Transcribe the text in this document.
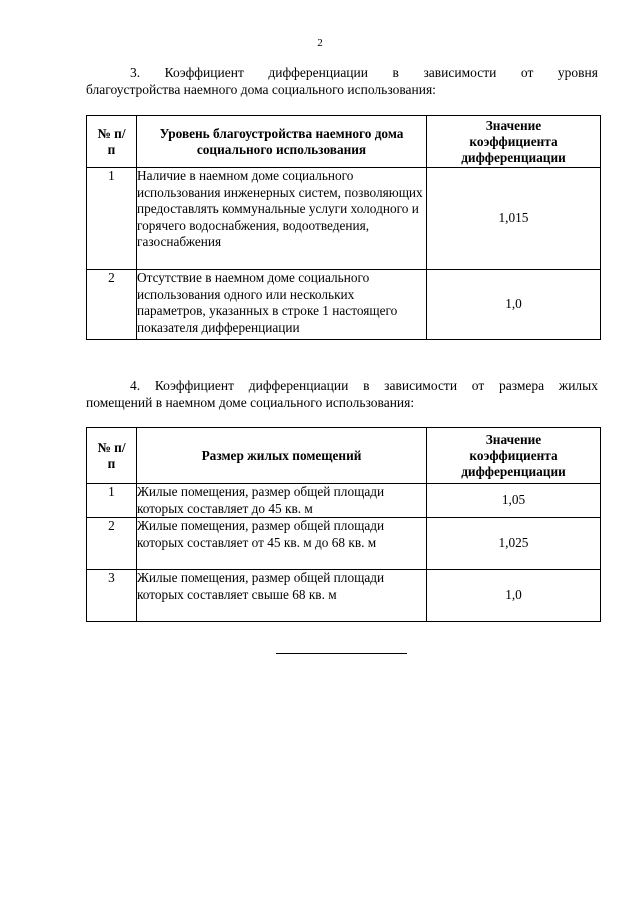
2
3. Коэффициент дифференциации в зависимости от уровня
благоустройства наемного дома социального использования:
№ п/п	Уровень благоустройства наемного дома социального использования	Значение коэффициента дифференциации

1	Наличие в наемном доме социального использования инженерных систем, позволяющих предоставлять коммунальные услуги холодного и горячего водоснабжения, водоотведения, газоснабжения	1,015
2	Отсутствие в наемном доме социального использования одного или нескольких параметров, указанных в строке 1 настоящего показателя дифференциации	1,0
4. Коэффициент дифференциации в зависимости от размера жилых
помещений в наемном доме социального использования:
№ п/п	Размер жилых помещений	Значение коэффициента дифференциации

1	Жилые помещения, размер общей площади которых составляет до 45 кв. м	1,05
2	Жилые помещения, размер общей площади которых составляет от 45 кв. м до 68 кв. м	1,025
3	Жилые помещения, размер общей площади которых составляет свыше 68 кв. м	1,0
